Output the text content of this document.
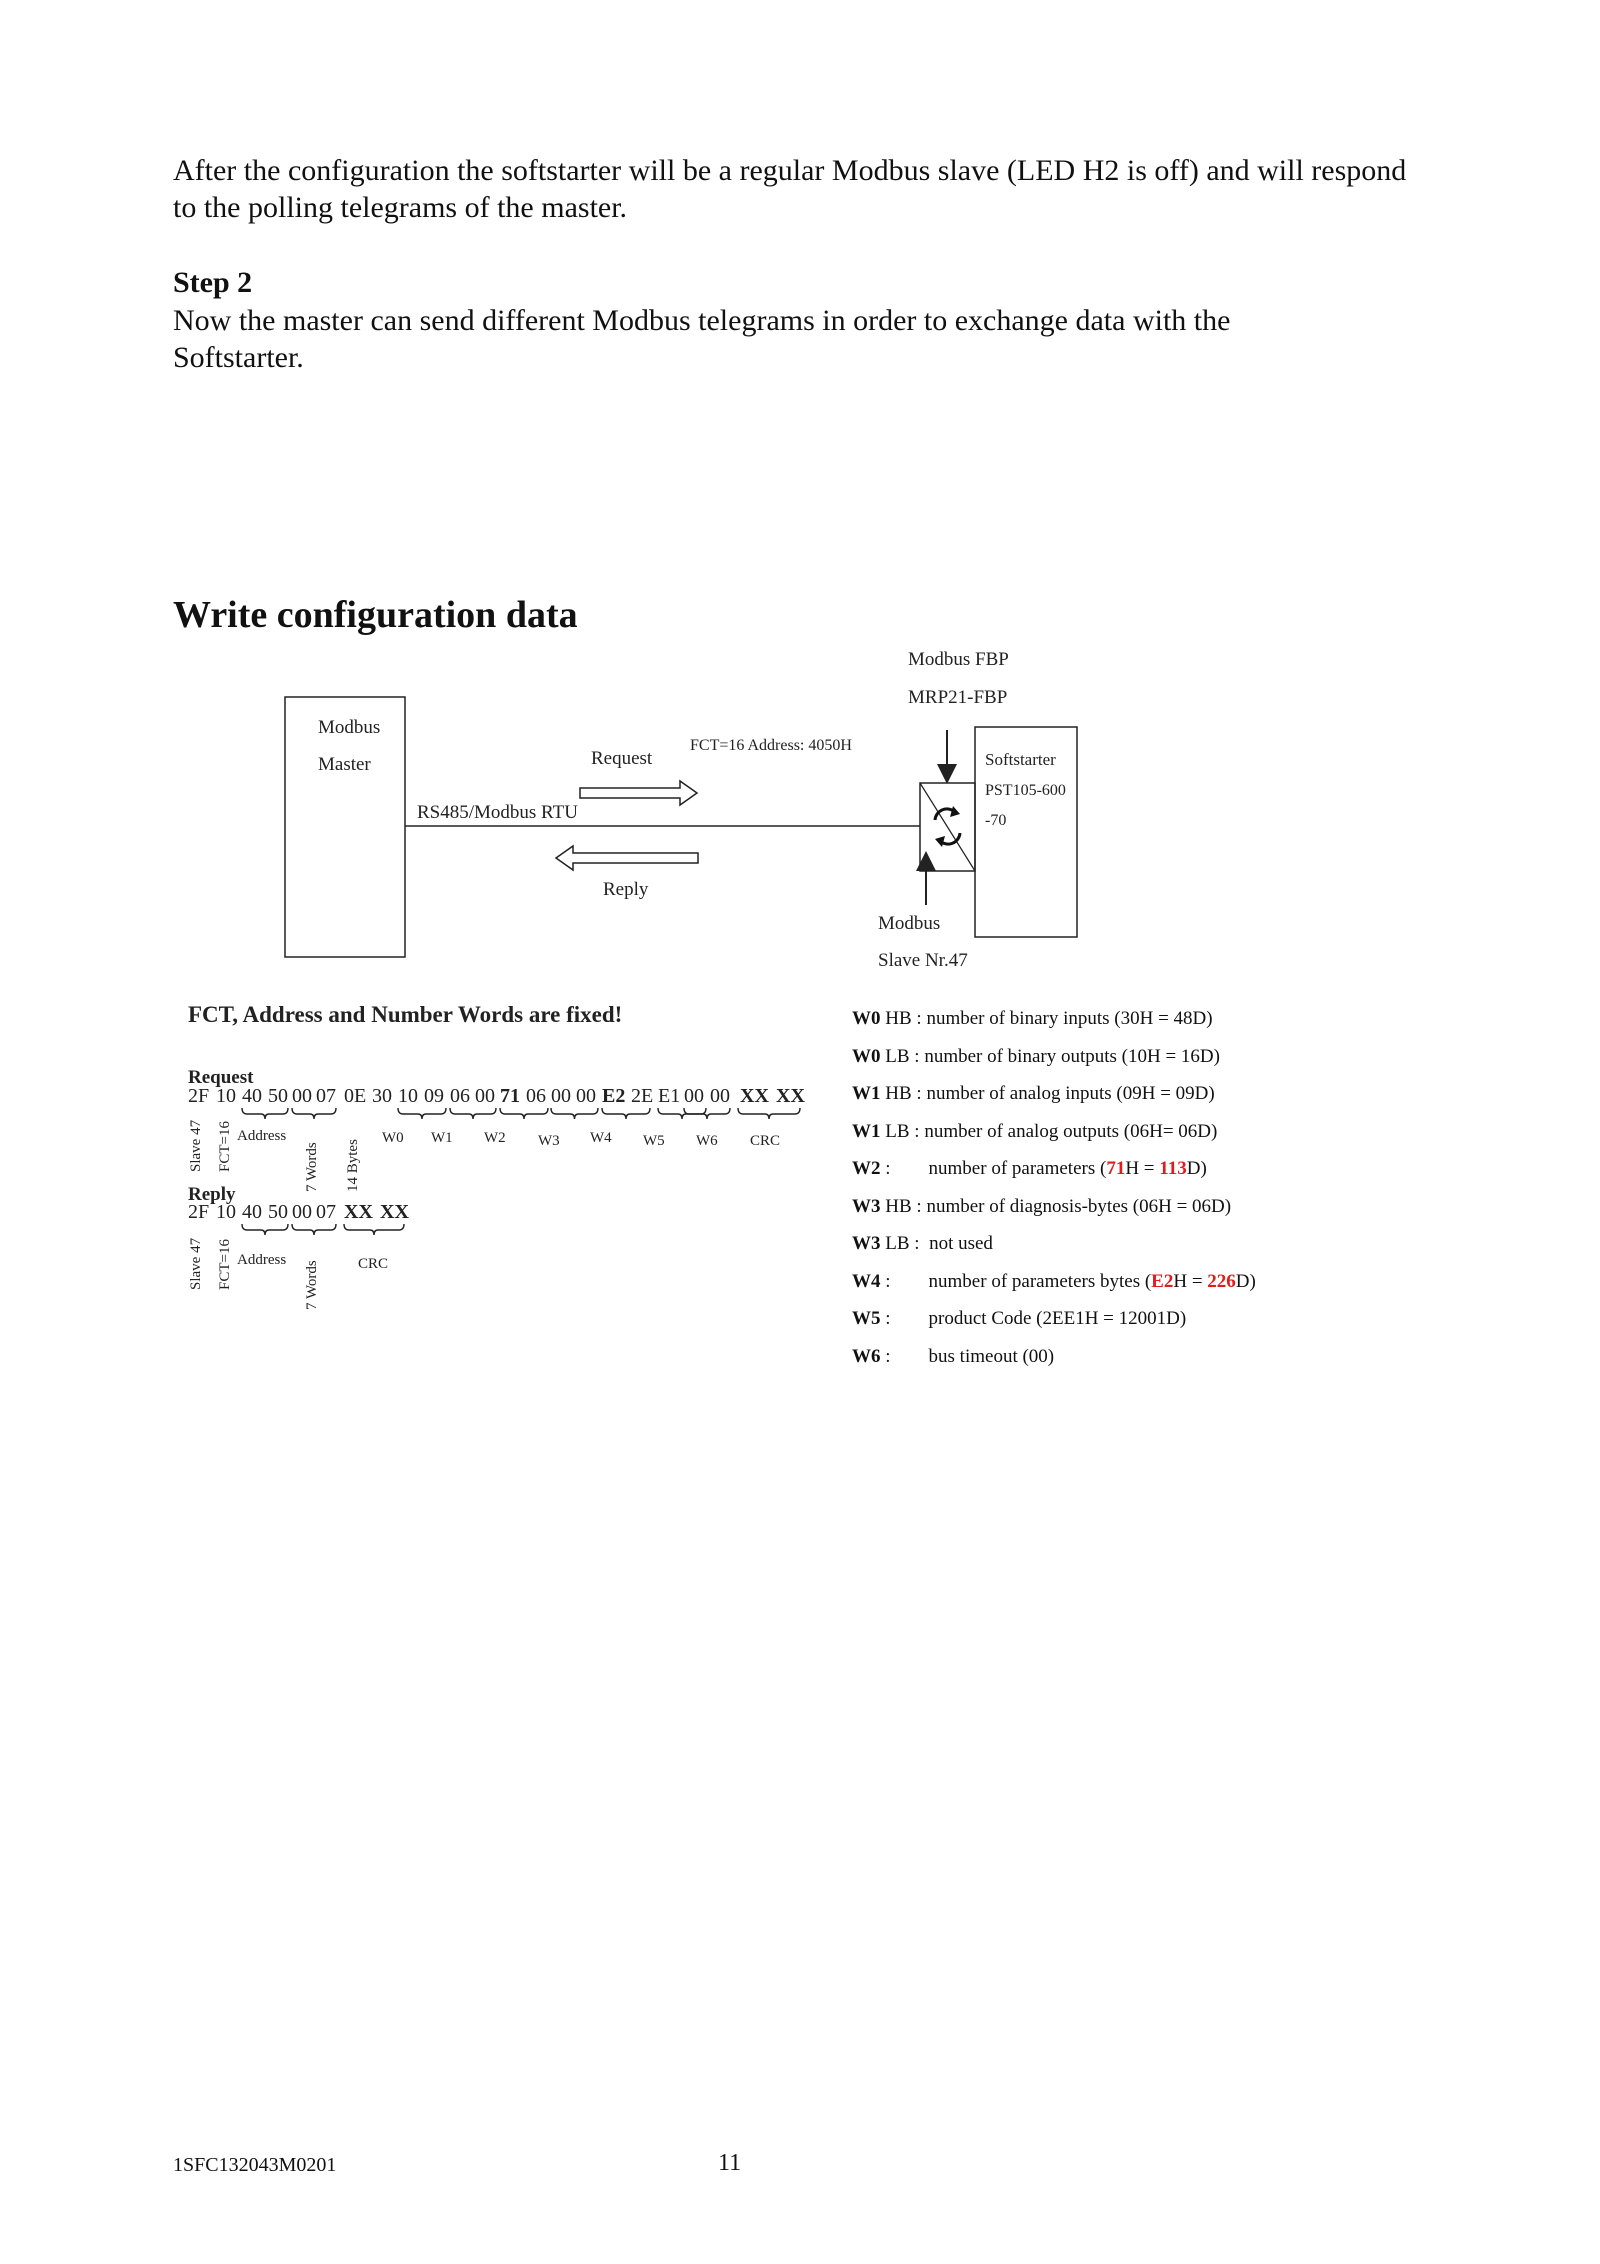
After the configuration the softstarter will be a regular Modbus slave (LED H2 is off) and will respond to the polling telegrams of the master.
Step 2
Now the master can send different Modbus telegrams in order to exchange data with the Softstarter.
Write configuration data
Modbus
Master
RS485/Modbus RTU
Request
FCT=16 Address: 4050H
Reply
Modbus FBP
MRP21-FBP
Softstarter
PST105-600
-70
Modbus
Slave Nr.47
FCT, Address and Number Words are fixed!
Request
2F 10 40 50 00 07 0E 30 10 09 06 00 71 06 00 00 E2 2E E1 00 00 XX XX
Slave 47 FCT=16 Address
7 Words 14 Bytes
W0 W1 W2 W3 W4 W5 W6 CRC
Reply
2F 10 40 50 00 07 XX XX
Slave 47 FCT=16 Address
7 Words	CRC
W0 HB : number of binary inputs (30H = 48D)
W0 LB : number of binary outputs (10H = 16D)
W1 HB : number of analog inputs (09H = 09D)
W1 LB : number of analog outputs (06H= 06D)
W2 :        number of parameters (71H = 113D)
W3 HB : number of diagnosis-bytes (06H = 06D)
W3 LB :  not used
W4 :        number of parameters bytes (E2H = 226D)
W5 :        product Code (2EE1H = 12001D)
W6 :        bus timeout (00)
1SFC132043M0201	11
